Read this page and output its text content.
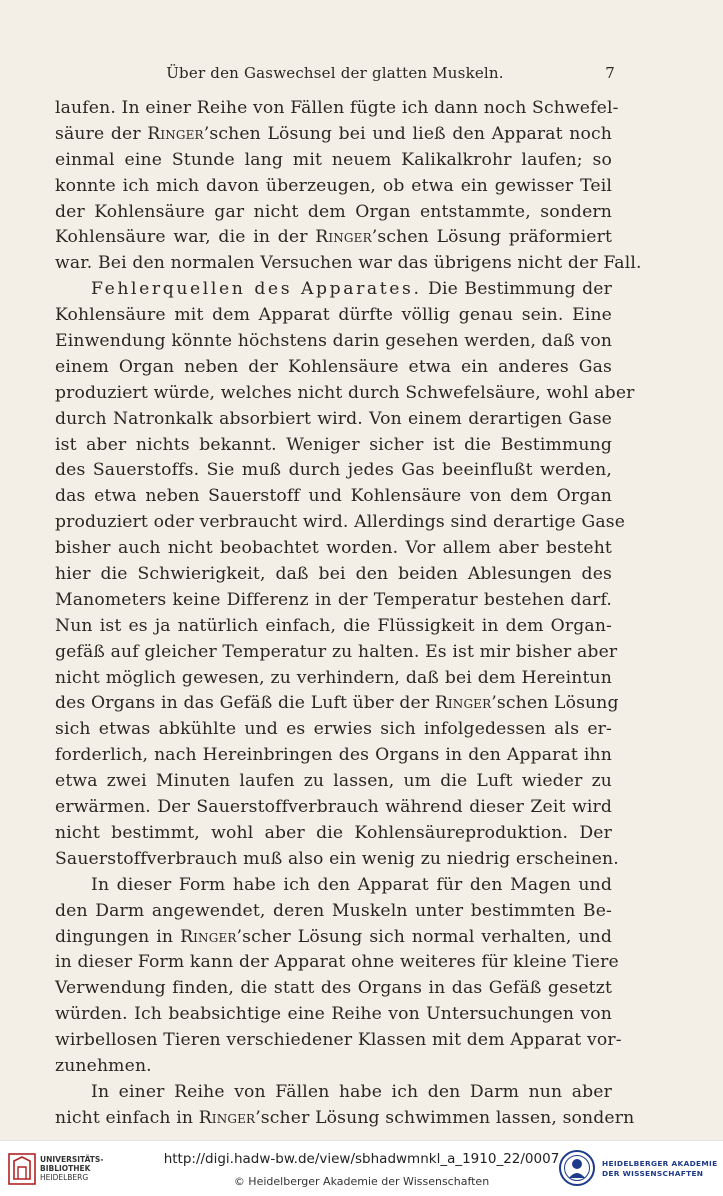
Über den Gaswechsel der glatten Muskeln.	7
laufen. In einer Reihe von Fällen fügte ich dann noch Schwefel-
säure der Ringer’schen Lösung bei und ließ den Apparat noch
einmal eine Stunde lang mit neuem Kalikalkrohr laufen; so
konnte ich mich davon überzeugen, ob etwa ein gewisser Teil
der Kohlensäure gar nicht dem Organ entstammte, sondern
Kohlensäure war, die in der Ringer’schen Lösung präformiert
war. Bei den normalen Versuchen war das übrigens nicht der Fall.
Fehlerquellen des Apparates. Die Bestimmung der
Kohlensäure mit dem Apparat dürfte völlig genau sein. Eine
Einwendung könnte höchstens darin gesehen werden, daß von
einem Organ neben der Kohlensäure etwa ein anderes Gas
produziert würde, welches nicht durch Schwefelsäure, wohl aber
durch Natronkalk absorbiert wird. Von einem derartigen Gase
ist aber nichts bekannt. Weniger sicher ist die Bestimmung
des Sauerstoffs. Sie muß durch jedes Gas beeinflußt werden,
das etwa neben Sauerstoff und Kohlensäure von dem Organ
produziert oder verbraucht wird. Allerdings sind derartige Gase
bisher auch nicht beobachtet worden. Vor allem aber besteht
hier die Schwierigkeit, daß bei den beiden Ablesungen des
Manometers keine Differenz in der Temperatur bestehen darf.
Nun ist es ja natürlich einfach, die Flüssigkeit in dem Organ-
gefäß auf gleicher Temperatur zu halten. Es ist mir bisher aber
nicht möglich gewesen, zu verhindern, daß bei dem Hereintun
des Organs in das Gefäß die Luft über der Ringer’schen Lösung
sich etwas abkühlte und es erwies sich infolgedessen als er-
forderlich, nach Hereinbringen des Organs in den Apparat ihn
etwa zwei Minuten laufen zu lassen, um die Luft wieder zu
erwärmen. Der Sauerstoffverbrauch während dieser Zeit wird
nicht bestimmt, wohl aber die Kohlensäureproduktion. Der
Sauerstoffverbrauch muß also ein wenig zu niedrig erscheinen.
In dieser Form habe ich den Apparat für den Magen und
den Darm angewendet, deren Muskeln unter bestimmten Be-
dingungen in Ringer’scher Lösung sich normal verhalten, und
in dieser Form kann der Apparat ohne weiteres für kleine Tiere
Verwendung finden, die statt des Organs in das Gefäß gesetzt
würden. Ich beabsichtige eine Reihe von Untersuchungen von
wirbellosen Tieren verschiedener Klassen mit dem Apparat vor-
zunehmen.
In einer Reihe von Fällen habe ich den Darm nun aber
nicht einfach in Ringer’scher Lösung schwimmen lassen, sondern
UNIVERSITÄTS-
BIBLIOTHEK
HEIDELBERG
http://digi.hadw-bw.de/view/sbhadwmnkl_a_1910_22/0007
© Heidelberger Akademie der Wissenschaften
HEIDELBERGER AKADEMIE
DER WISSENSCHAFTEN
